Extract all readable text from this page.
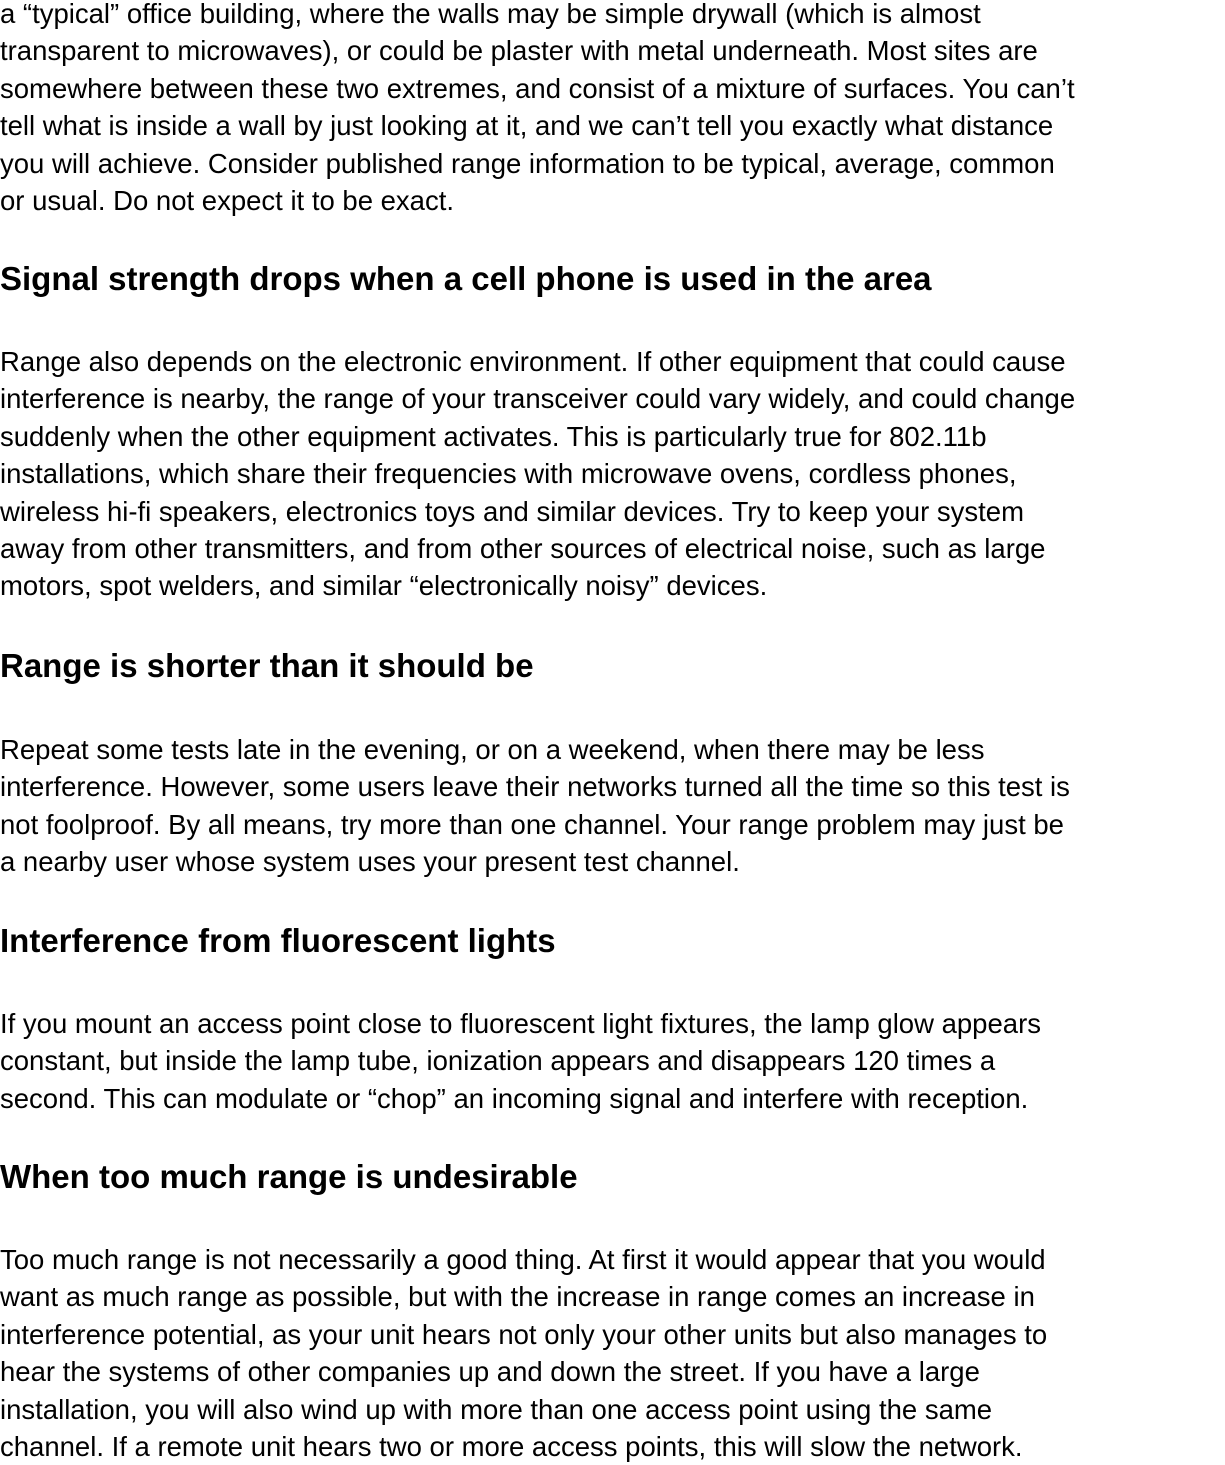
a “typical” office building, where the walls may be simple drywall (which is almost
transparent to microwaves), or could be plaster with metal underneath. Most sites are
somewhere between these two extremes, and consist of a mixture of surfaces. You can’t
tell what is inside a wall by just looking at it, and we can’t tell you exactly what distance
you will achieve. Consider published range information to be typical, average, common
or usual. Do not expect it to be exact.

Signal strength drops when a cell phone is used in the area

Range also depends on the electronic environment. If other equipment that could cause
interference is nearby, the range of your transceiver could vary widely, and could change
suddenly when the other equipment activates. This is particularly true for 802.11b
installations, which share their frequencies with microwave ovens, cordless phones,
wireless hi-fi speakers, electronics toys and similar devices. Try to keep your system
away from other transmitters, and from other sources of electrical noise, such as large
motors, spot welders, and similar “electronically noisy” devices.

Range is shorter than it should be

Repeat some tests late in the evening, or on a weekend, when there may be less
interference. However, some users leave their networks turned all the time so this test is
not foolproof. By all means, try more than one channel. Your range problem may just be
a nearby user whose system uses your present test channel.

Interference from fluorescent lights

If you mount an access point close to fluorescent light fixtures, the lamp glow appears
constant, but inside the lamp tube, ionization appears and disappears 120 times a
second. This can modulate or “chop” an incoming signal and interfere with reception.

When too much range is undesirable

Too much range is not necessarily a good thing. At first it would appear that you would
want as much range as possible, but with the increase in range comes an increase in
interference potential, as your unit hears not only your other units but also manages to
hear the systems of other companies up and down the street. If you have a large
installation, you will also wind up with more than one access point using the same
channel. If a remote unit hears two or more access points, this will slow the network.
